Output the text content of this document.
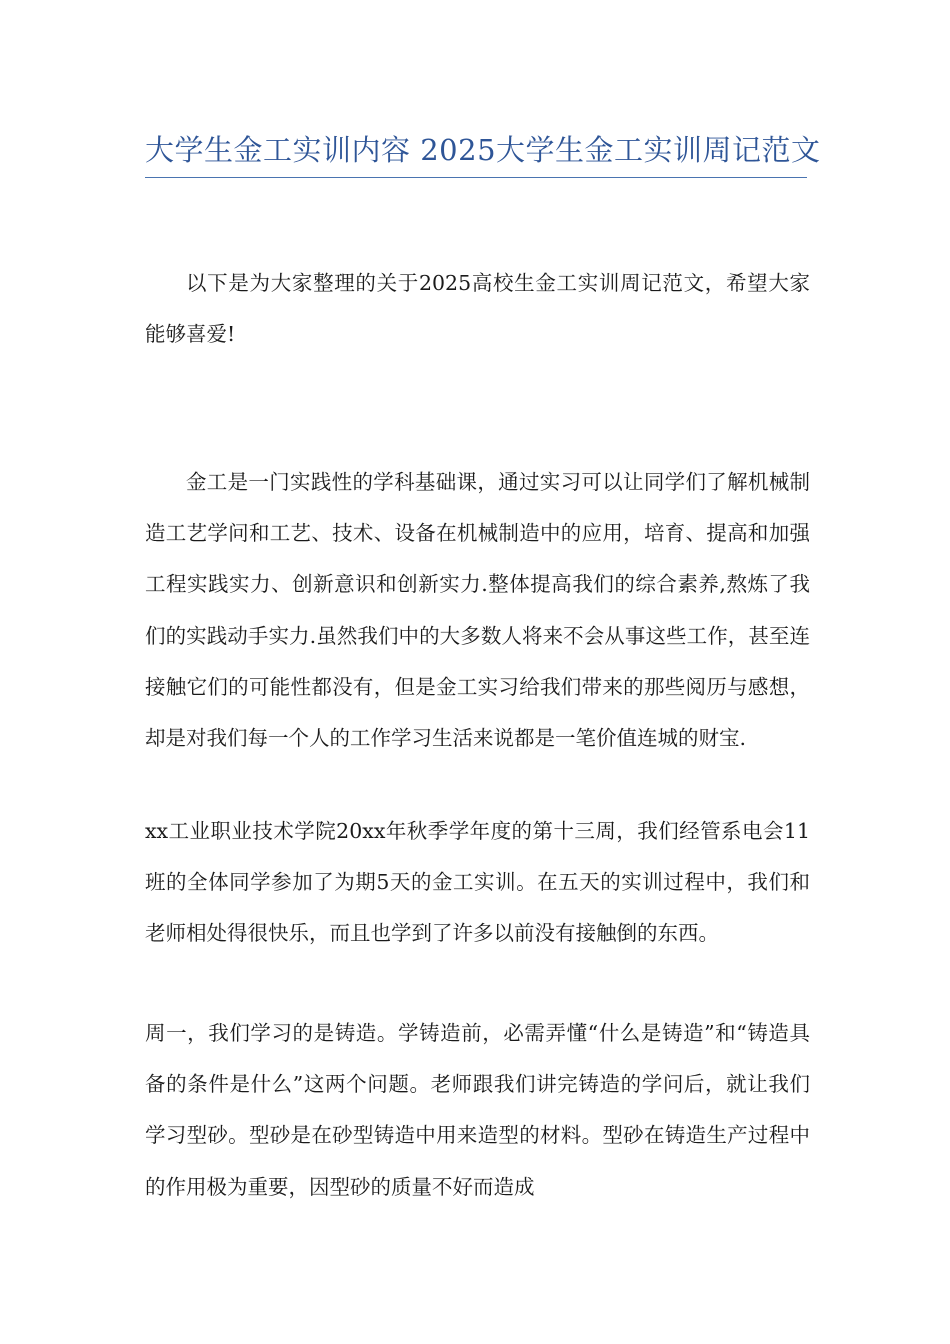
大学生金工实训内容 2025大学生金工实训周记范文

以下是为大家整理的关于2025高校生金工实训周记范文，希望大家能够喜爱!

金工是一门实践性的学科基础课，通过实习可以让同学们了解机械制造工艺学问和工艺、技术、设备在机械制造中的应用，培育、提高和加强工程实践实力、创新意识和创新实力.整体提高我们的综合素养,熬炼了我们的实践动手实力.虽然我们中的大多数人将来不会从事这些工作，甚至连接触它们的可能性都没有，但是金工实习给我们带来的那些阅历与感想，却是对我们每一个人的工作学习生活来说都是一笔价值连城的财宝.

xx工业职业技术学院20xx年秋季学年度的第十三周，我们经管系电会11班的全体同学参加了为期5天的金工实训。在五天的实训过程中，我们和老师相处得很快乐，而且也学到了许多以前没有接触倒的东西。

周一，我们学习的是铸造。学铸造前，必需弄懂“什么是铸造”和“铸造具备的条件是什么”这两个问题。老师跟我们讲完铸造的学问后，就让我们学习型砂。型砂是在砂型铸造中用来造型的材料。型砂在铸造生产过程中的作用极为重要，因型砂的质量不好而造成
